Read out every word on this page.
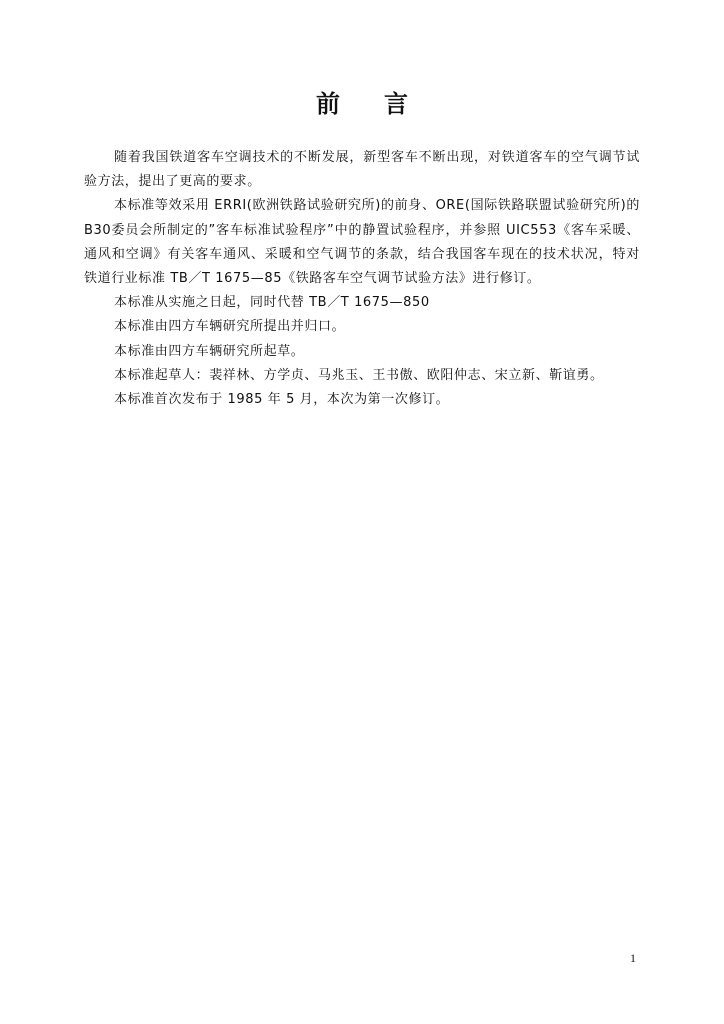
前言

随着我国铁道客车空调技术的不断发展，新型客车不断出现，对铁道客车的空气调节试验方法，提出了更高的要求。

本标准等效采用 ERRI(欧洲铁路试验研究所)的前身、ORE(国际铁路联盟试验研究所)的B30委员会所制定的”客车标准试验程序”中的静置试验程序，并参照 UIC553《客车采暖、通风和空调》有关客车通风、采暖和空气调节的条款，结合我国客车现在的技术状况，特对铁道行业标准 TB／T 1675—85《铁路客车空气调节试验方法》进行修订。

本标准从实施之日起，同时代替 TB／T 1675—850

本标准由四方车辆研究所提出并归口。

本标准由四方车辆研究所起草。

本标准起草人：裴祥林、方学贞、马兆玉、王书傲、欧阳仲志、宋立新、靳谊勇。

本标准首次发布于 1985 年 5 月，本次为第一次修订。

1
